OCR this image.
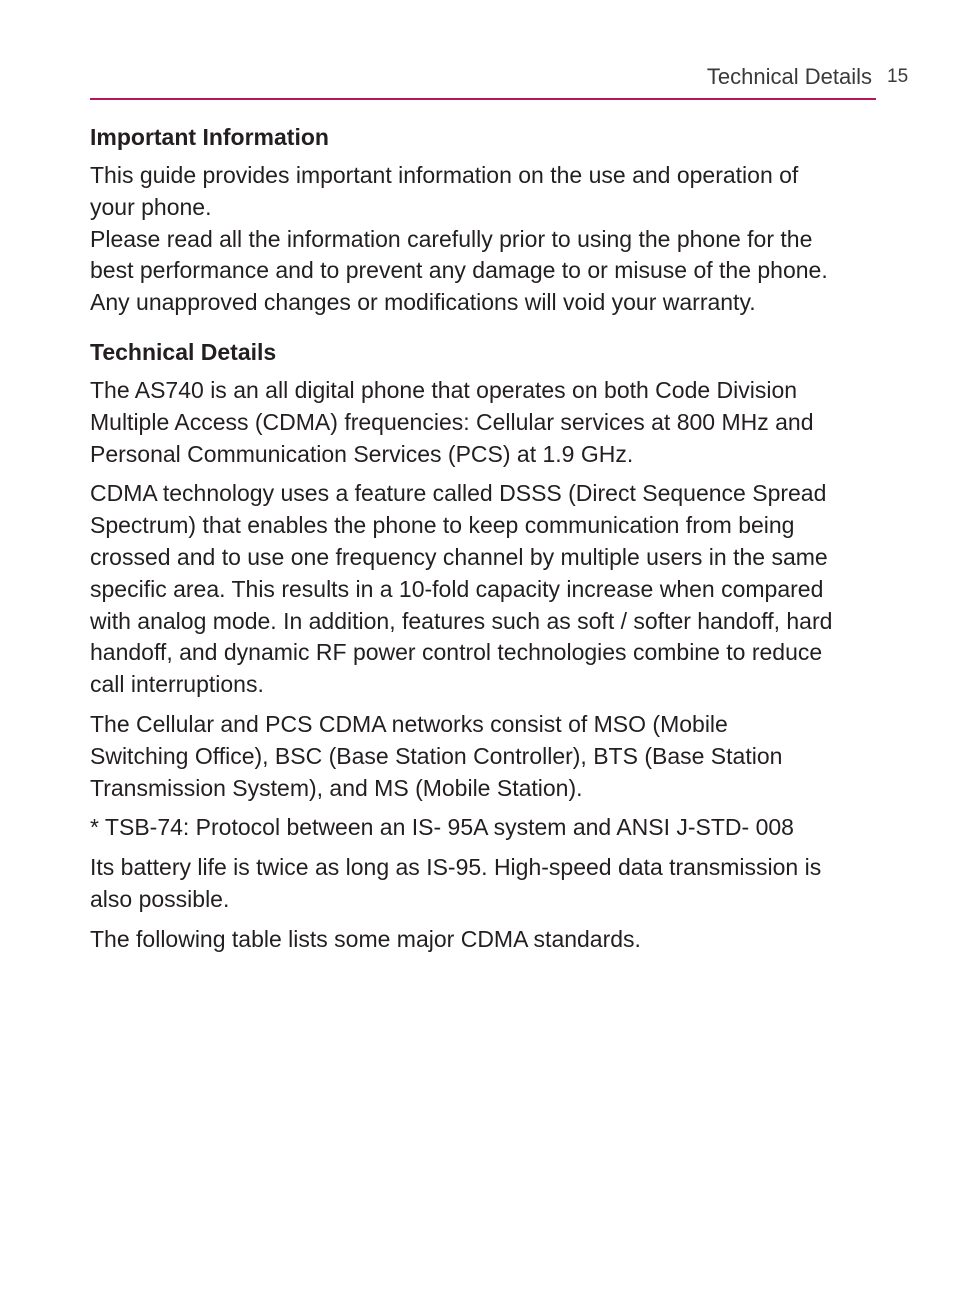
Technical Details 15
Important Information

This guide provides important information on the use and operation of

your phone.

Please read all the information carefully prior to using the phone for the

best performance and to prevent any damage to or misuse of the phone.

Any unapproved changes or modifications will void your warranty.

Technical Details

The AS740 is an all digital phone that operates on both Code Division

Multiple Access (CDMA) frequencies: Cellular services at 800 MHz and

Personal Communication Services (PCS) at 1.9 GHz.

CDMA technology uses a feature called DSSS (Direct Sequence Spread

Spectrum) that enables the phone to keep communication from being

crossed and to use one frequency channel by multiple users in the same

specific area. This results in a 10-fold capacity increase when compared

with analog mode. In addition, features such as soft / softer handoff, hard

handoff, and dynamic RF power control technologies combine to reduce

call interruptions.

The Cellular and PCS CDMA networks consist of MSO (Mobile

Switching Office), BSC (Base Station Controller), BTS (Base Station

Transmission System), and MS (Mobile Station).

* TSB-74: Protocol between an IS- 95A system and ANSI J-STD- 008

Its battery life is twice as long as IS-95. High-speed data transmission is

also possible.

The following table lists some major CDMA standards.
